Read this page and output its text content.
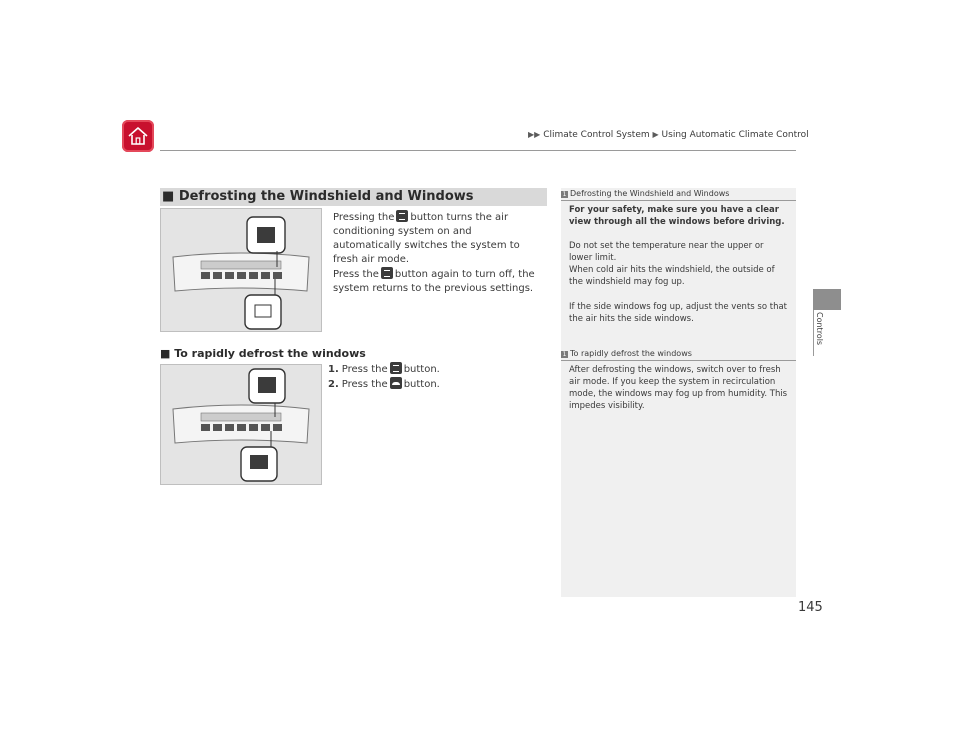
▶▶ Climate Control System ▶ Using Automatic Climate Control
Controls
■ Defrosting the Windshield and Windows
Pressing the button turns the air conditioning system on and automatically switches the system to fresh air mode.
Press the button again to turn off, the system returns to the previous settings.
■ To rapidly defrost the windows
1. Press the button.
2. Press the button.
1 Defrosting the Windshield and Windows
For your safety, make sure you have a clear view through all the windows before driving.
Do not set the temperature near the upper or lower limit.
When cold air hits the windshield, the outside of the windshield may fog up.
If the side windows fog up, adjust the vents so that the air hits the side windows.
1 To rapidly defrost the windows
After defrosting the windows, switch over to fresh air mode. If you keep the system in recirculation mode, the windows may fog up from humidity. This impedes visibility.
145
